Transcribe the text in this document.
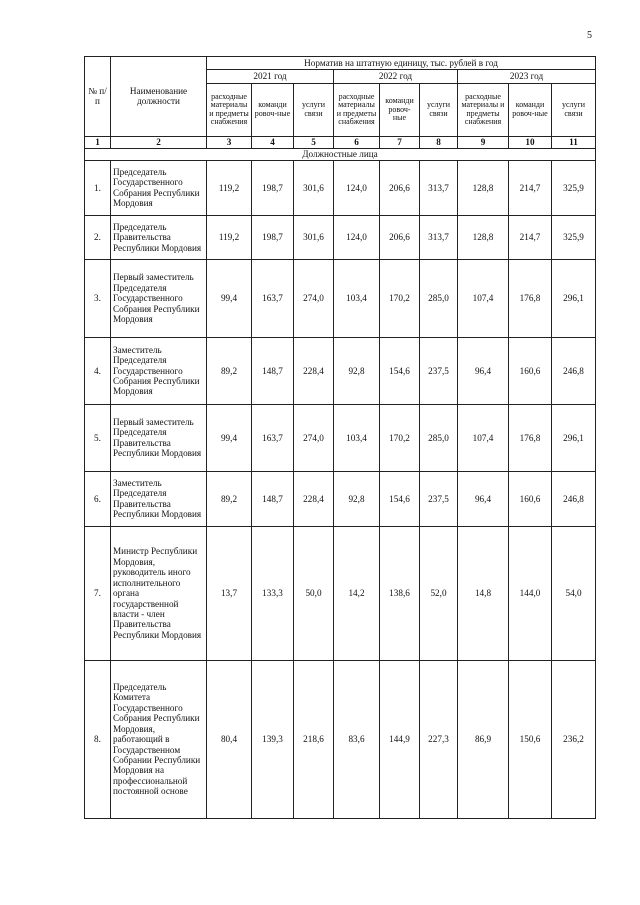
5
№ п/п	Наименование должности	Норматив на штатную единицу, тыс. рублей в год								
		2021 год			2022 год			2023 год		
		расходные материалы и предметы снабжения	команди ровоч-ные	услуги связи	расходные материалы и предметы снабжения	команди ровоч-ные	услуги связи	расходные материалы и предметы снабжения	команди ровоч-ные	услуги связи
1	2	3	4	5	6	7	8	9	10	11
Должностные лица										
1.	Председатель Государственного Собрания Республики Мордовия	119,2	198,7	301,6	124,0	206,6	313,7	128,8	214,7	325,9
2.	Председатель Правительства Республики Мордовия	119,2	198,7	301,6	124,0	206,6	313,7	128,8	214,7	325,9
3.	Первый заместитель Председателя Государственного Собрания Республики Мордовия	99,4	163,7	274,0	103,4	170,2	285,0	107,4	176,8	296,1
4.	Заместитель Председателя Государственного Собрания Республики Мордовия	89,2	148,7	228,4	92,8	154,6	237,5	96,4	160,6	246,8
5.	Первый заместитель Председателя Правительства Республики Мордовия	99,4	163,7	274,0	103,4	170,2	285,0	107,4	176,8	296,1
6.	Заместитель Председателя Правительства Республики Мордовия	89,2	148,7	228,4	92,8	154,6	237,5	96,4	160,6	246,8
7.	Министр Республики Мордовия, руководитель иного исполнительного органа государственной власти - член Правительства Республики Мордовия	13,7	133,3	50,0	14,2	138,6	52,0	14,8	144,0	54,0
8.	Председатель Комитета Государственного Собрания Республики Мордовия, работающий в Государственном Собрании Республики Мордовия на профессиональной постоянной основе	80,4	139,3	218,6	83,6	144,9	227,3	86,9	150,6	236,2
